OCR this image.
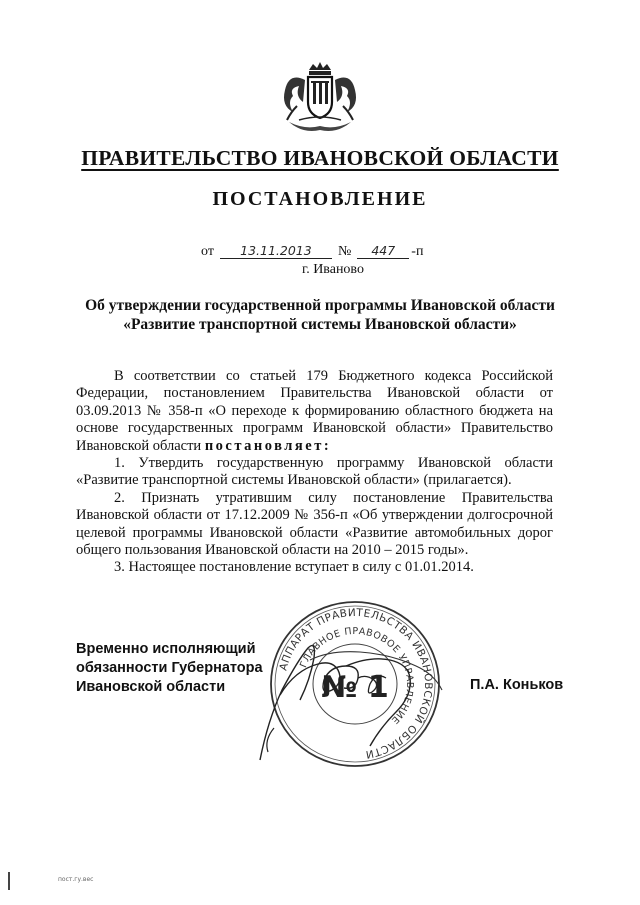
ПРАВИТЕЛЬСТВО ИВАНОВСКОЙ ОБЛАСТИ
ПОСТАНОВЛЕНИЕ
от	13.11.2013	№	447	-п
г. Иваново
Об утверждении государственной программы Ивановской области
«Развитие транспортной системы Ивановской области»

В соответствии со статьей 179 Бюджетного кодекса Российской Федерации, постановлением Правительства Ивановской области от 03.09.2013 № 358-п «О переходе к формированию областного бюджета на основе государственных программ Ивановской области» Правительство Ивановской области постановляет:

1. Утвердить государственную программу Ивановской области «Развитие транспортной системы Ивановской области» (прилагается).

2. Признать утратившим силу постановление Правительства Ивановской области от 17.12.2009 № 356-п «Об утверждении долгосрочной целевой программы Ивановской области «Развитие автомобильных дорог общего пользования Ивановской области на 2010 – 2015 годы».

3. Настоящее постановление вступает в силу с 01.01.2014.

АППАРАТ ПРАВИТЕЛЬСТВА ИВАНОВСКОЙ ОБЛАСТИ
ГЛАВНОЕ ПРАВОВОЕ УПРАВЛЕНИЕ
№ 1
Временно исполняющий
обязанности Губернатора
Ивановской области	П.А. Коньков
пост.гу.вес
